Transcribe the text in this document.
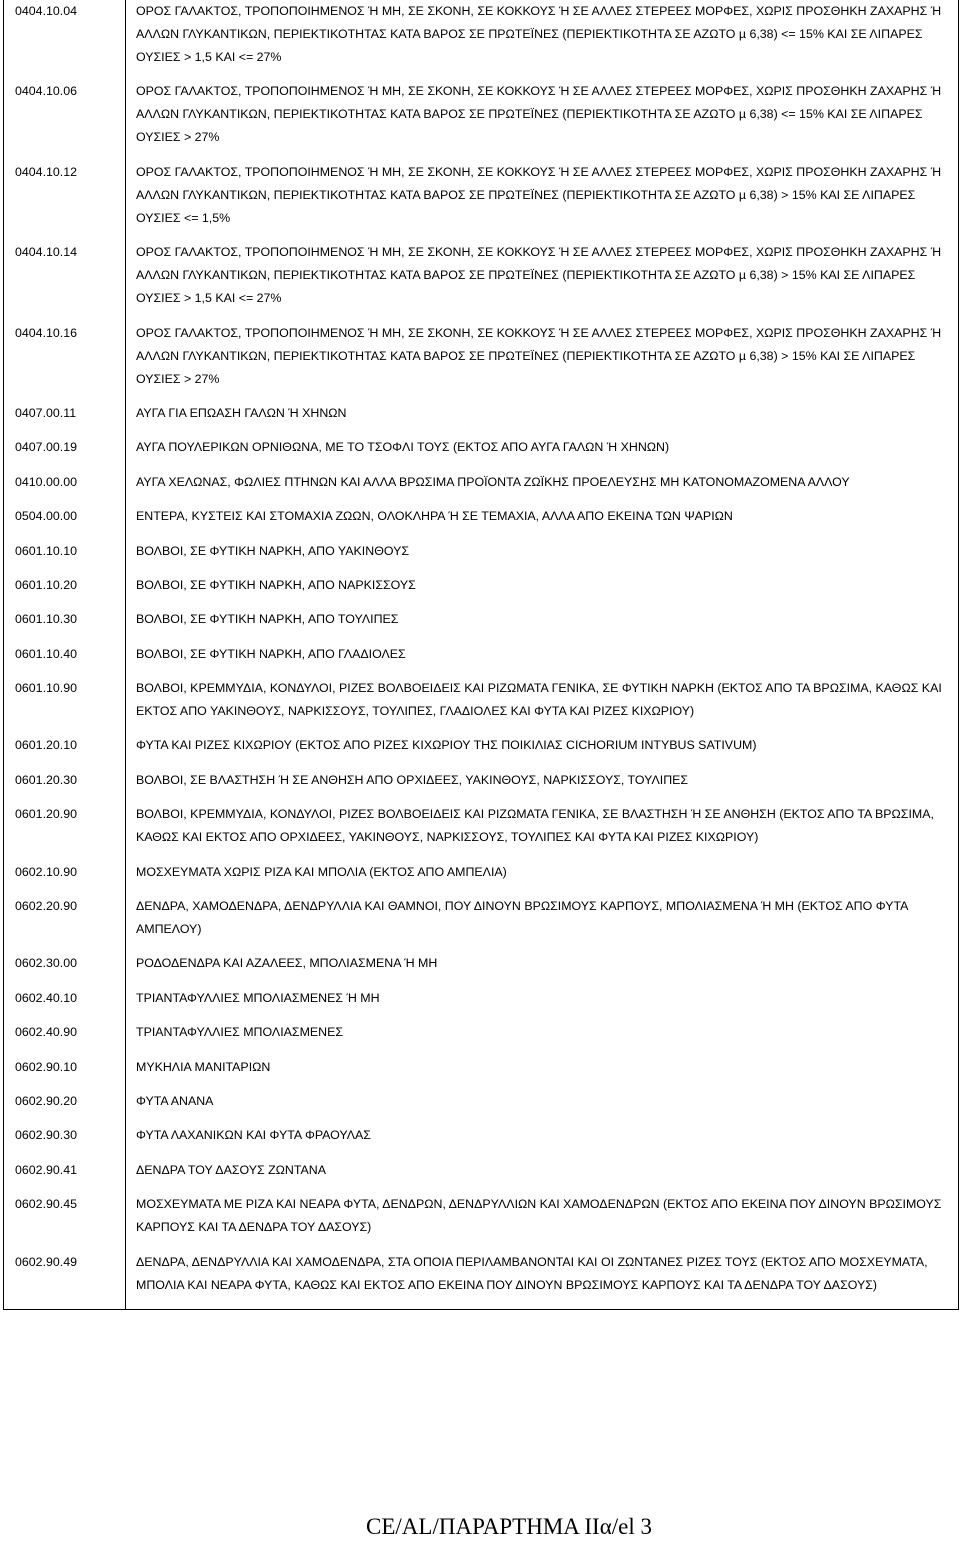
0404.10.04	ΟΡΟΣ ΓΑΛΑΚΤΟΣ, ΤΡΟΠΟΠΟΙΗΜΕΝΟΣ Ή ΜΗ, ΣΕ ΣΚΟΝΗ, ΣΕ ΚΟΚΚΟΥΣ Ή ΣΕ ΑΛΛΕΣ ΣΤΕΡΕΕΣ ΜΟΡΦΕΣ, ΧΩΡΙΣ ΠΡΟΣΘΗΚΗ ΖΑΧΑΡΗΣ Ή ΑΛΛΩΝ ΓΛΥΚΑΝΤΙΚΩΝ, ΠΕΡΙΕΚΤΙΚΟΤΗΤΑΣ ΚΑΤΑ ΒΑΡΟΣ ΣΕ ΠΡΩΤΕΪΝΕΣ (ΠΕΡΙΕΚΤΙΚΟΤΗΤΑ ΣΕ ΑΖΩΤΟ µ 6,38) <= 15% ΚΑΙ ΣΕ ΛΙΠΑΡΕΣ ΟΥΣΙΕΣ > 1,5 ΚΑΙ <= 27%
0404.10.06	ΟΡΟΣ ΓΑΛΑΚΤΟΣ, ΤΡΟΠΟΠΟΙΗΜΕΝΟΣ Ή ΜΗ, ΣΕ ΣΚΟΝΗ, ΣΕ ΚΟΚΚΟΥΣ Ή ΣΕ ΑΛΛΕΣ ΣΤΕΡΕΕΣ ΜΟΡΦΕΣ, ΧΩΡΙΣ ΠΡΟΣΘΗΚΗ ΖΑΧΑΡΗΣ Ή ΑΛΛΩΝ ΓΛΥΚΑΝΤΙΚΩΝ, ΠΕΡΙΕΚΤΙΚΟΤΗΤΑΣ ΚΑΤΑ ΒΑΡΟΣ ΣΕ ΠΡΩΤΕΪΝΕΣ (ΠΕΡΙΕΚΤΙΚΟΤΗΤΑ ΣΕ ΑΖΩΤΟ µ 6,38) <= 15% ΚΑΙ ΣΕ ΛΙΠΑΡΕΣ ΟΥΣΙΕΣ > 27%
0404.10.12	ΟΡΟΣ ΓΑΛΑΚΤΟΣ, ΤΡΟΠΟΠΟΙΗΜΕΝΟΣ Ή ΜΗ, ΣΕ ΣΚΟΝΗ, ΣΕ ΚΟΚΚΟΥΣ Ή ΣΕ ΑΛΛΕΣ ΣΤΕΡΕΕΣ ΜΟΡΦΕΣ, ΧΩΡΙΣ ΠΡΟΣΘΗΚΗ ΖΑΧΑΡΗΣ Ή ΑΛΛΩΝ ΓΛΥΚΑΝΤΙΚΩΝ, ΠΕΡΙΕΚΤΙΚΟΤΗΤΑΣ ΚΑΤΑ ΒΑΡΟΣ ΣΕ ΠΡΩΤΕΪΝΕΣ (ΠΕΡΙΕΚΤΙΚΟΤΗΤΑ ΣΕ ΑΖΩΤΟ µ 6,38) > 15% ΚΑΙ ΣΕ ΛΙΠΑΡΕΣ ΟΥΣΙΕΣ <= 1,5%
0404.10.14	ΟΡΟΣ ΓΑΛΑΚΤΟΣ, ΤΡΟΠΟΠΟΙΗΜΕΝΟΣ Ή ΜΗ, ΣΕ ΣΚΟΝΗ, ΣΕ ΚΟΚΚΟΥΣ Ή ΣΕ ΑΛΛΕΣ ΣΤΕΡΕΕΣ ΜΟΡΦΕΣ, ΧΩΡΙΣ ΠΡΟΣΘΗΚΗ ΖΑΧΑΡΗΣ Ή ΑΛΛΩΝ ΓΛΥΚΑΝΤΙΚΩΝ, ΠΕΡΙΕΚΤΙΚΟΤΗΤΑΣ ΚΑΤΑ ΒΑΡΟΣ ΣΕ ΠΡΩΤΕΪΝΕΣ (ΠΕΡΙΕΚΤΙΚΟΤΗΤΑ ΣΕ ΑΖΩΤΟ µ 6,38) > 15% ΚΑΙ ΣΕ ΛΙΠΑΡΕΣ ΟΥΣΙΕΣ > 1,5 ΚΑΙ <= 27%
0404.10.16	ΟΡΟΣ ΓΑΛΑΚΤΟΣ, ΤΡΟΠΟΠΟΙΗΜΕΝΟΣ Ή ΜΗ, ΣΕ ΣΚΟΝΗ, ΣΕ ΚΟΚΚΟΥΣ Ή ΣΕ ΑΛΛΕΣ ΣΤΕΡΕΕΣ ΜΟΡΦΕΣ, ΧΩΡΙΣ ΠΡΟΣΘΗΚΗ ΖΑΧΑΡΗΣ Ή ΑΛΛΩΝ ΓΛΥΚΑΝΤΙΚΩΝ, ΠΕΡΙΕΚΤΙΚΟΤΗΤΑΣ ΚΑΤΑ ΒΑΡΟΣ ΣΕ ΠΡΩΤΕΪΝΕΣ (ΠΕΡΙΕΚΤΙΚΟΤΗΤΑ ΣΕ ΑΖΩΤΟ µ 6,38) > 15% ΚΑΙ ΣΕ ΛΙΠΑΡΕΣ ΟΥΣΙΕΣ > 27%
0407.00.11	ΑΥΓΑ ΓΙΑ ΕΠΩΑΣΗ ΓΑΛΩΝ Ή ΧΗΝΩΝ
0407.00.19	ΑΥΓΑ ΠΟΥΛΕΡΙΚΩΝ ΟΡΝΙΘΩΝΑ, ΜΕ ΤΟ ΤΣΟΦΛΙ ΤΟΥΣ (ΕΚΤΟΣ ΑΠΟ ΑΥΓΑ ΓΑΛΩΝ Ή ΧΗΝΩΝ)
0410.00.00	ΑΥΓΑ ΧΕΛΩΝΑΣ, ΦΩΛΙΕΣ ΠΤΗΝΩΝ ΚΑΙ ΑΛΛΑ ΒΡΩΣΙΜΑ ΠΡΟΪΟΝΤΑ ΖΩΪΚΗΣ ΠΡΟΕΛΕΥΣΗΣ ΜΗ ΚΑΤΟΝΟΜΑΖΟΜΕΝΑ ΑΛΛΟΥ
0504.00.00	ΕΝΤΕΡΑ, ΚΥΣΤΕΙΣ ΚΑΙ ΣΤΟΜΑΧΙΑ ΖΩΩΝ, ΟΛΟΚΛΗΡΑ Ή ΣΕ ΤΕΜΑΧΙΑ, ΑΛΛΑ ΑΠΟ ΕΚΕΙΝΑ ΤΩΝ ΨΑΡΙΩΝ
0601.10.10	ΒΟΛΒΟΙ, ΣΕ ΦΥΤΙΚΗ ΝΑΡΚΗ, ΑΠΟ ΥΑΚΙΝΘΟΥΣ
0601.10.20	ΒΟΛΒΟΙ, ΣΕ ΦΥΤΙΚΗ ΝΑΡΚΗ, ΑΠΟ ΝΑΡΚΙΣΣΟΥΣ
0601.10.30	ΒΟΛΒΟΙ, ΣΕ ΦΥΤΙΚΗ ΝΑΡΚΗ, ΑΠΟ ΤΟΥΛΙΠΕΣ
0601.10.40	ΒΟΛΒΟΙ, ΣΕ ΦΥΤΙΚΗ ΝΑΡΚΗ, ΑΠΟ ΓΛΑΔΙΟΛΕΣ
0601.10.90	ΒΟΛΒΟΙ, ΚΡΕΜΜΥΔΙΑ, ΚΟΝΔΥΛΟΙ, ΡΙΖΕΣ ΒΟΛΒΟΕΙΔΕΙΣ ΚΑΙ ΡΙΖΩΜΑΤΑ ΓΕΝΙΚΑ, ΣΕ ΦΥΤΙΚΗ ΝΑΡΚΗ (ΕΚΤΟΣ ΑΠΟ ΤΑ ΒΡΩΣΙΜΑ, ΚΑΘΩΣ ΚΑΙ ΕΚΤΟΣ ΑΠΟ ΥΑΚΙΝΘΟΥΣ, ΝΑΡΚΙΣΣΟΥΣ, ΤΟΥΛΙΠΕΣ, ΓΛΑΔΙΟΛΕΣ ΚΑΙ ΦΥΤΑ ΚΑΙ ΡΙΖΕΣ ΚΙΧΩΡΙΟΥ)
0601.20.10	ΦΥΤΑ ΚΑΙ ΡΙΖΕΣ ΚΙΧΩΡΙΟΥ (ΕΚΤΟΣ ΑΠΟ ΡΙΖΕΣ ΚΙΧΩΡΙΟΥ ΤΗΣ ΠΟΙΚΙΛΙΑΣ CICHORIUM INTYBUS SATIVUM)
0601.20.30	ΒΟΛΒΟΙ, ΣΕ ΒΛΑΣΤΗΣΗ Ή ΣΕ ΑΝΘΗΣΗ ΑΠΟ ΟΡΧΙΔΕΕΣ, ΥΑΚΙΝΘΟΥΣ, ΝΑΡΚΙΣΣΟΥΣ, ΤΟΥΛΙΠΕΣ
0601.20.90	ΒΟΛΒΟΙ, ΚΡΕΜΜΥΔΙΑ, ΚΟΝΔΥΛΟΙ, ΡΙΖΕΣ ΒΟΛΒΟΕΙΔΕΙΣ ΚΑΙ ΡΙΖΩΜΑΤΑ ΓΕΝΙΚΑ, ΣΕ ΒΛΑΣΤΗΣΗ Ή ΣΕ ΑΝΘΗΣΗ (ΕΚΤΟΣ ΑΠΟ ΤΑ ΒΡΩΣΙΜΑ, ΚΑΘΩΣ ΚΑΙ ΕΚΤΟΣ ΑΠΟ ΟΡΧΙΔΕΕΣ, ΥΑΚΙΝΘΟΥΣ, ΝΑΡΚΙΣΣΟΥΣ, ΤΟΥΛΙΠΕΣ ΚΑΙ ΦΥΤΑ ΚΑΙ ΡΙΖΕΣ ΚΙΧΩΡΙΟΥ)
0602.10.90	ΜΟΣΧΕΥΜΑΤΑ ΧΩΡΙΣ ΡΙΖΑ ΚΑΙ ΜΠΟΛΙΑ (ΕΚΤΟΣ ΑΠΟ ΑΜΠΕΛΙΑ)
0602.20.90	ΔΕΝΔΡΑ, ΧΑΜΟΔΕΝΔΡΑ, ΔΕΝΔΡΥΛΛΙΑ ΚΑΙ ΘΑΜΝΟΙ, ΠΟΥ ΔΙΝΟΥΝ ΒΡΩΣΙΜΟΥΣ ΚΑΡΠΟΥΣ, ΜΠΟΛΙΑΣΜΕΝΑ Ή ΜΗ (ΕΚΤΟΣ ΑΠΟ ΦΥΤΑ ΑΜΠΕΛΟΥ)
0602.30.00	ΡΟΔΟΔΕΝΔΡΑ ΚΑΙ ΑΖΑΛΕΕΣ, ΜΠΟΛΙΑΣΜΕΝΑ Ή ΜΗ
0602.40.10	ΤΡΙΑΝΤΑΦΥΛΛΙΕΣ ΜΠΟΛΙΑΣΜΕΝΕΣ Ή ΜΗ
0602.40.90	ΤΡΙΑΝΤΑΦΥΛΛΙΕΣ ΜΠΟΛΙΑΣΜΕΝΕΣ
0602.90.10	ΜΥΚΗΛΙΑ ΜΑΝΙΤΑΡΙΩΝ
0602.90.20	ΦΥΤΑ ΑΝΑΝΑ
0602.90.30	ΦΥΤΑ ΛΑΧΑΝΙΚΩΝ ΚΑΙ ΦΥΤΑ ΦΡΑΟΥΛΑΣ
0602.90.41	ΔΕΝΔΡΑ ΤΟΥ ΔΑΣΟΥΣ ΖΩΝΤΑΝΑ
0602.90.45	ΜΟΣΧΕΥΜΑΤΑ ΜΕ ΡΙΖΑ ΚΑΙ ΝΕΑΡΑ ΦΥΤΑ, ΔΕΝΔΡΩΝ, ΔΕΝΔΡΥΛΛΙΩΝ ΚΑΙ ΧΑΜΟΔΕΝΔΡΩΝ (ΕΚΤΟΣ ΑΠΟ ΕΚΕΙΝΑ ΠΟΥ ΔΙΝΟΥΝ ΒΡΩΣΙΜΟΥΣ ΚΑΡΠΟΥΣ ΚΑΙ ΤΑ ΔΕΝΔΡΑ ΤΟΥ ΔΑΣΟΥΣ)
0602.90.49	ΔΕΝΔΡΑ, ΔΕΝΔΡΥΛΛΙΑ ΚΑΙ ΧΑΜΟΔΕΝΔΡΑ, ΣΤΑ ΟΠΟΙΑ ΠΕΡΙΛΑΜΒΑΝΟΝΤΑΙ ΚΑΙ ΟΙ ΖΩΝΤΑΝΕΣ ΡΙΖΕΣ ΤΟΥΣ (ΕΚΤΟΣ ΑΠΟ ΜΟΣΧΕΥΜΑΤΑ, ΜΠΟΛΙΑ ΚΑΙ ΝΕΑΡΑ ΦΥΤΑ, ΚΑΘΩΣ ΚΑΙ ΕΚΤΟΣ ΑΠΟ ΕΚΕΙΝΑ ΠΟΥ ΔΙΝΟΥΝ ΒΡΩΣΙΜΟΥΣ ΚΑΡΠΟΥΣ ΚΑΙ ΤΑ ΔΕΝΔΡΑ ΤΟΥ ΔΑΣΟΥΣ)
CE/AL/ΠΑΡΑΡΤΗΜΑ IIα/el 3
